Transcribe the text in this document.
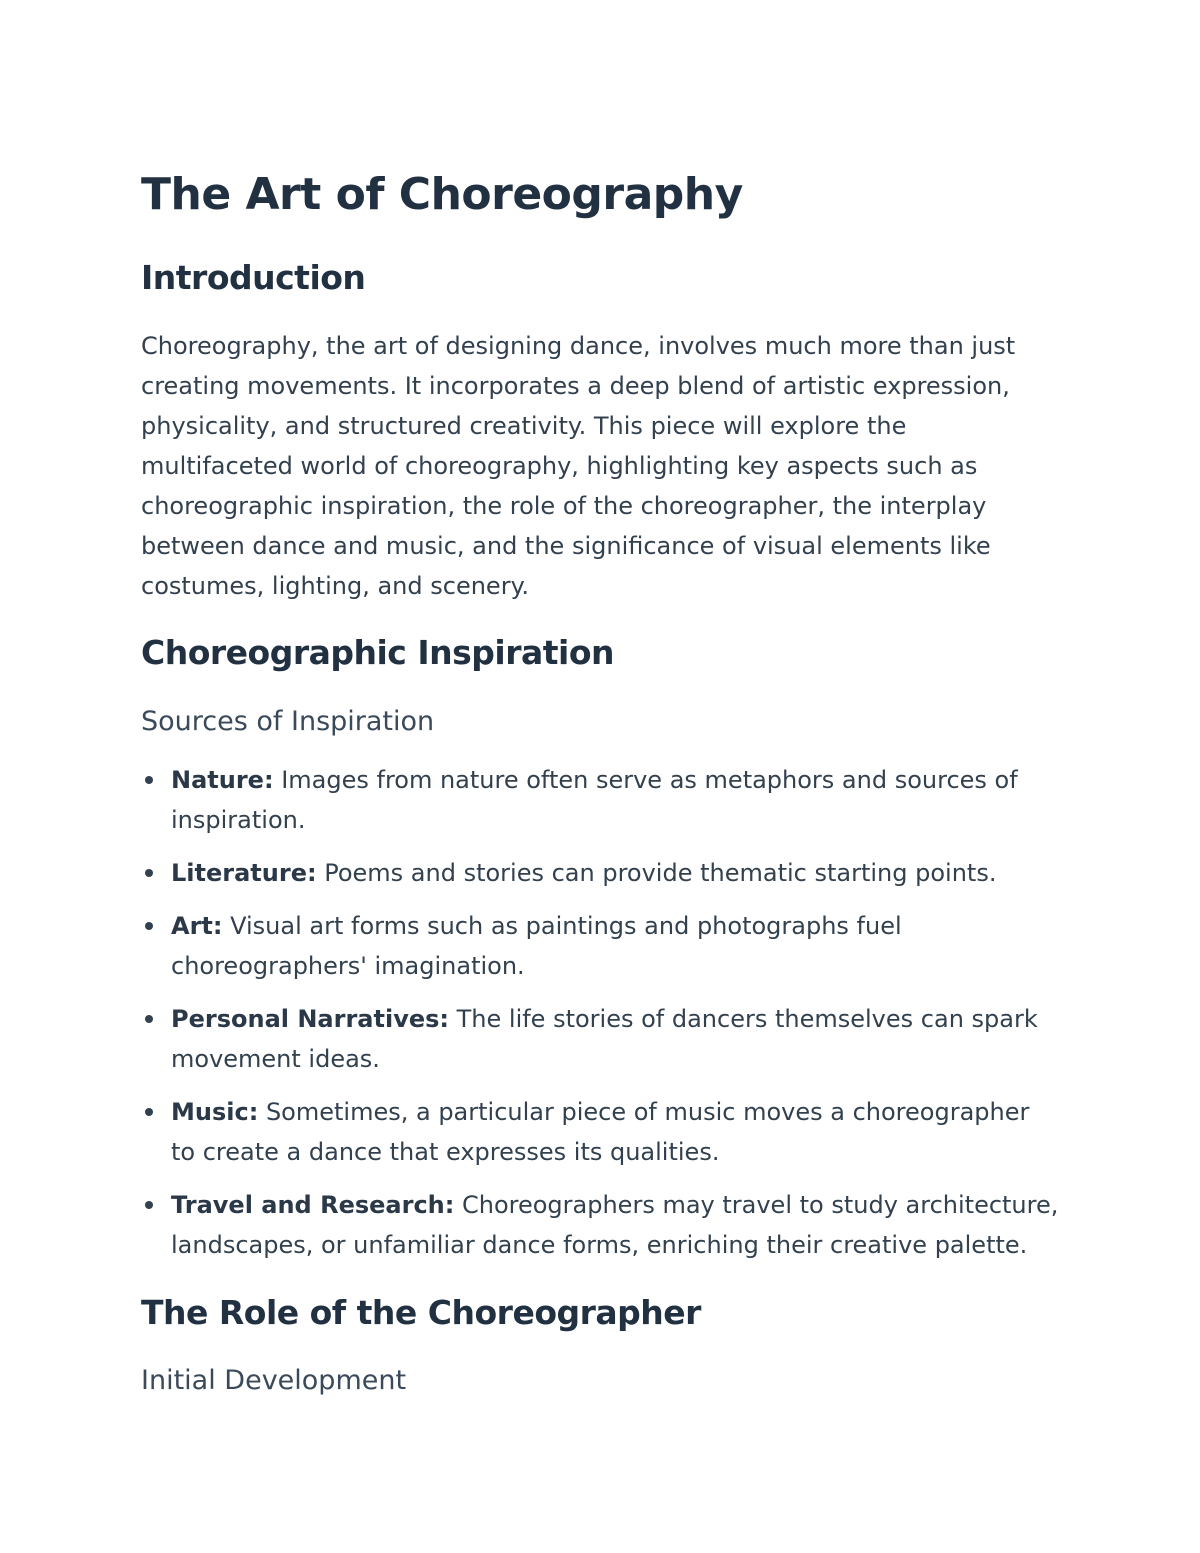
The Art of Choreography
Introduction

Choreography, the art of designing dance, involves much more than just creating movements. It incorporates a deep blend of artistic expression, physicality, and structured creativity. This piece will explore the multifaceted world of choreography, highlighting key aspects such as choreographic inspiration, the role of the choreographer, the interplay between dance and music, and the significance of visual elements like costumes, lighting, and scenery.

Choreographic Inspiration
Sources of Inspiration
Nature: Images from nature often serve as metaphors and sources of inspiration.
Literature: Poems and stories can provide thematic starting points.
Art: Visual art forms such as paintings and photographs fuel choreographers' imagination.
Personal Narratives: The life stories of dancers themselves can spark movement ideas.
Music: Sometimes, a particular piece of music moves a choreographer to create a dance that expresses its qualities.
Travel and Research: Choreographers may travel to study architecture, landscapes, or unfamiliar dance forms, enriching their creative palette.
The Role of the Choreographer
Initial Development
